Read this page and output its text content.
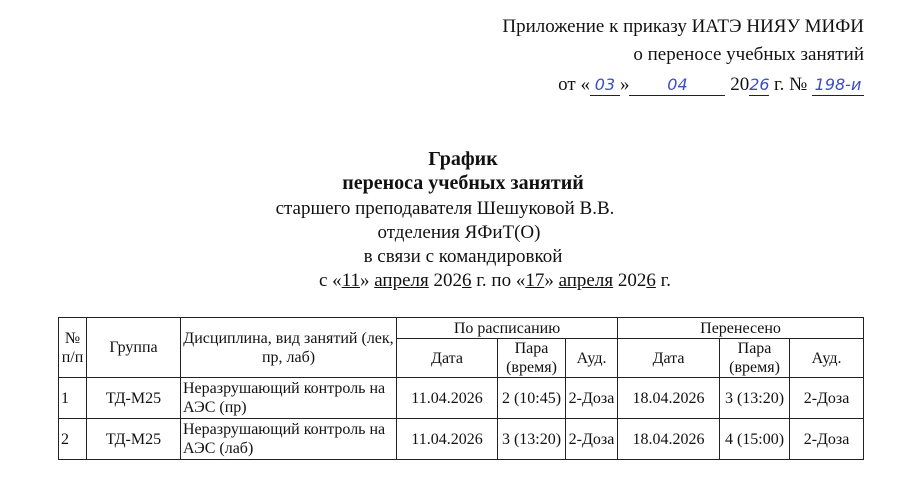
Приложение к приказу ИАТЭ НИЯУ МИФИ
о переносе учебных занятий
от « 03 » 04 2026 г. № 198-и
График
переноса учебных занятий
старшего преподавателя Шешуковой В.В.
отделения ЯФиТ(О)
в связи с командировкой
с «11» апреля 2026 г. по «17» апреля 2026 г.
№ п/п	Группа	Дисциплина, вид занятий (лек, пр, лаб)	По расписанию			Перенесено		
			Дата	Пара (время)	Ауд.	Дата	Пара (время)	Ауд.
1	ТД-М25	Неразрушающий контроль на АЭС (пр)	11.04.2026	2 (10:45)	2-Доза	18.04.2026	3 (13:20)	2-Доза
2	ТД-М25	Неразрушающий контроль на АЭС (лаб)	11.04.2026	3 (13:20)	2-Доза	18.04.2026	4 (15:00)	2-Доза
